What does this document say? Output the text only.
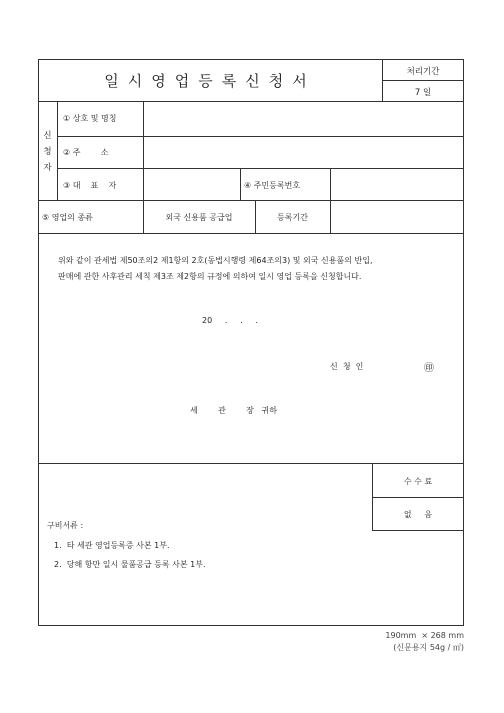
일시영업등록신청서	처리기간
7 일
신
청
자
① 상호 및 명칭
② 주        소
③ 대    표    자	④ 주민등록번호
⑤ 영업의 종류	외국 신용품 공급업	등록기간
위와 같이 관세법 제50조의2 제1항의 2호(동법시행령 제64조의3) 및 외국 신용품의 반입,
판매에 관한 사후관리 세칙 제3조 제2항의 규정에 의하여 일시 영업 등록을 신청합니다.
20     .     .     .
신  청  인	㊞
세        관        장   귀하
수 수 료
없     음
구비서류 :
1.  타 세관 영업등록증 사본 1부.
2.  당해 항만 일시 물품공급 등록 사본 1부.
190mm  × 268 mm
(신문용지 54g / ㎡)
